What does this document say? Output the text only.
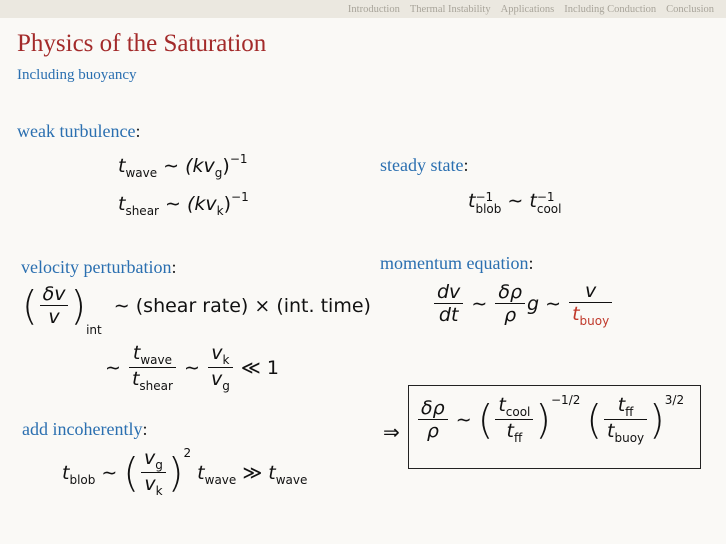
Introduction Thermal Instability Applications Including Conduction Conclusion
Physics of the Saturation
Including buoyancy
weak turbulence:
$t_{wave}$ ∼ $(kv_g)^{-1}$
$t_{shear}$ ∼ $(kv_k)^{-1}$
steady state:
t −1
blob ∼ t −1
cool
velocity perturbation:
( $\frac{\delta v}{v} )_{int}$ ∼ (shear rate) × (int. time)
∼ $\frac{t_{wave}}{t_{shear}}$ ∼ $\frac{v_k}{v_g}$ ≪ 1
momentum equation:
$\frac{dv}{dt}$ ∼ $\frac{\delta\rho}{\rho}$ g ∼ $\frac{v}{t_{buoy}}$
add incoherently:
$t_{blob}$ ∼ ( $\frac{v_g}{v_k} )^2$ $t_{wave}$ ≫ $t_{wave}$
⇒ $\frac{\delta\rho}{\rho}$ ∼ ( $\frac{t_{cool}}{t_{ff}} )^{-1/2}$ ( $\frac{t_{ff}}{t_{buoy}} )^{3/2}$
